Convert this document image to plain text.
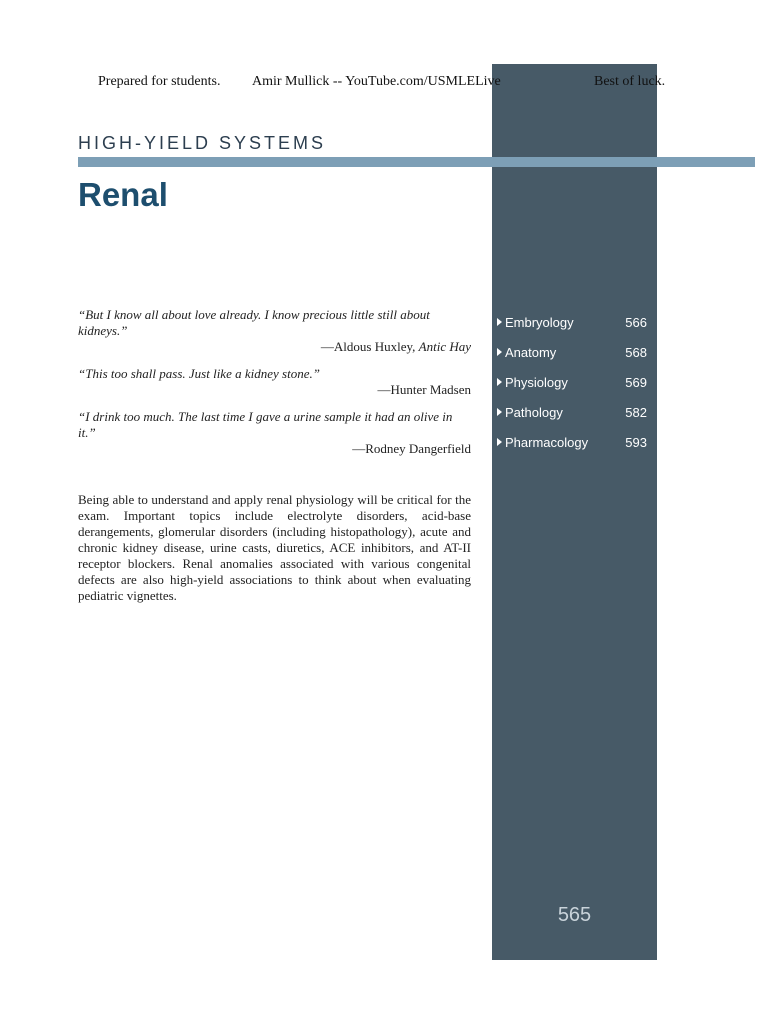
Prepared for students. Amir Mullick -- YouTube.com/USMLELive	Best of luck.
HIGH-YIELD SYSTEMS
Renal
“But I know all about love already. I know precious little still about kidneys.”
—Aldous Huxley, Antic Hay
“This too shall pass. Just like a kidney stone.”
—Hunter Madsen
“I drink too much. The last time I gave a urine sample it had an olive in it.”
—Rodney Dangerfield
Being able to understand and apply renal physiology will be critical for the exam. Important topics include electrolyte disorders, acid-base derangements, glomerular disorders (including histopathology), acute and chronic kidney disease, urine casts, diuretics, ACE inhibitors, and AT-II receptor blockers. Renal anomalies associated with various congenital defects are also high-yield associations to think about when evaluating pediatric vignettes.
Embryology	566
Anatomy	568
Physiology	569
Pathology	582
Pharmacology	593
565
